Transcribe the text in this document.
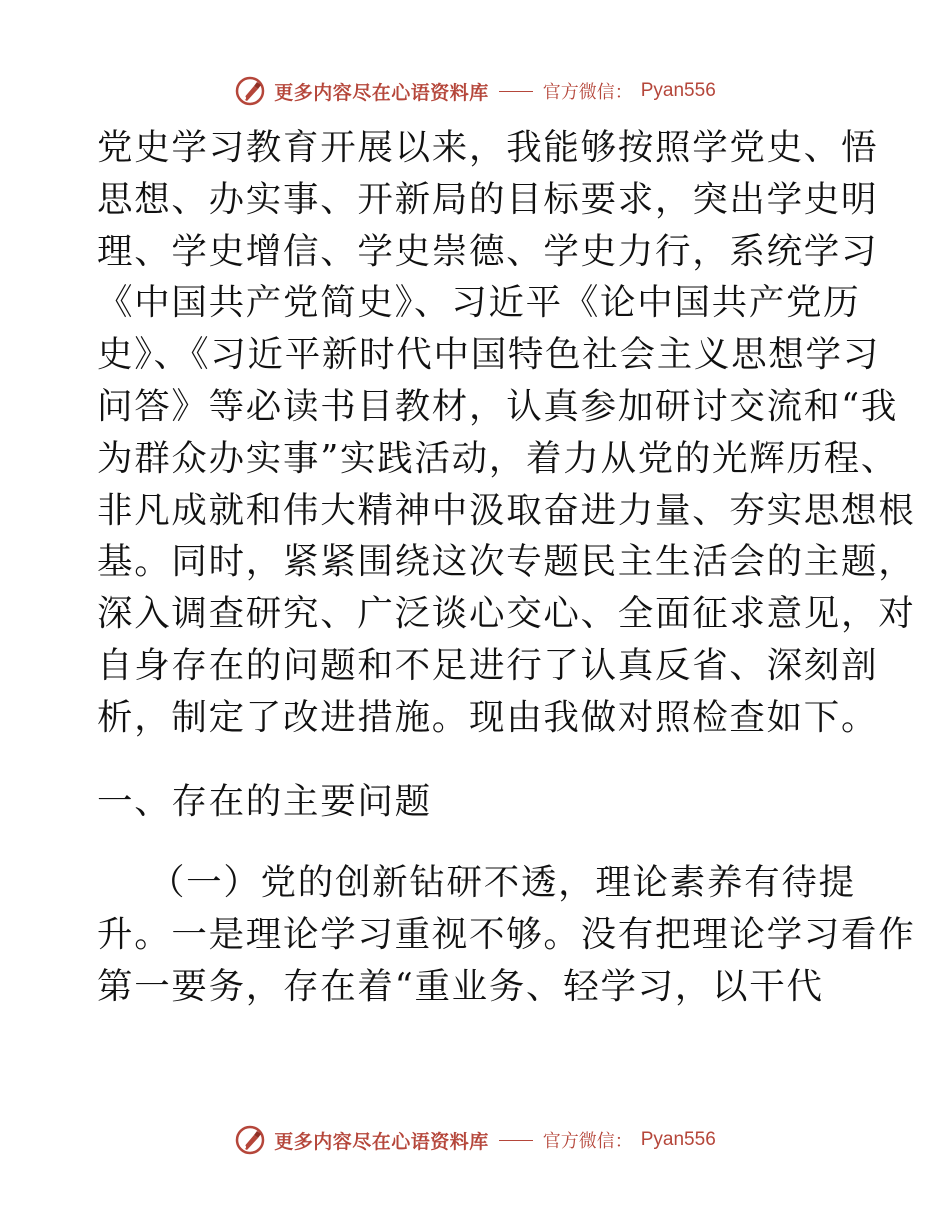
更多内容尽在心语资料库	官方微信： Pyan556
党史学习教育开展以来，我能够按照学党史、悟
思想、办实事、开新局的目标要求，突出学史明
理、学史增信、学史崇德、学史力行，系统学习
《中国共产党简史》、习近平《论中国共产党历
史》、《习近平新时代中国特色社会主义思想学习
问答》等必读书目教材，认真参加研讨交流和“我
为群众办实事”实践活动，着力从党的光辉历程、
非凡成就和伟大精神中汲取奋进力量、夯实思想根
基。同时，紧紧围绕这次专题民主生活会的主题，
深入调查研究、广泛谈心交心、全面征求意见，对
自身存在的问题和不足进行了认真反省、深刻剖
析，制定了改进措施。现由我做对照检查如下。
一、存在的主要问题
（一）党的创新钻研不透，理论素养有待提
升。一是理论学习重视不够。没有把理论学习看作
第一要务，存在着“重业务、轻学习，以干代
更多内容尽在心语资料库	官方微信： Pyan556
